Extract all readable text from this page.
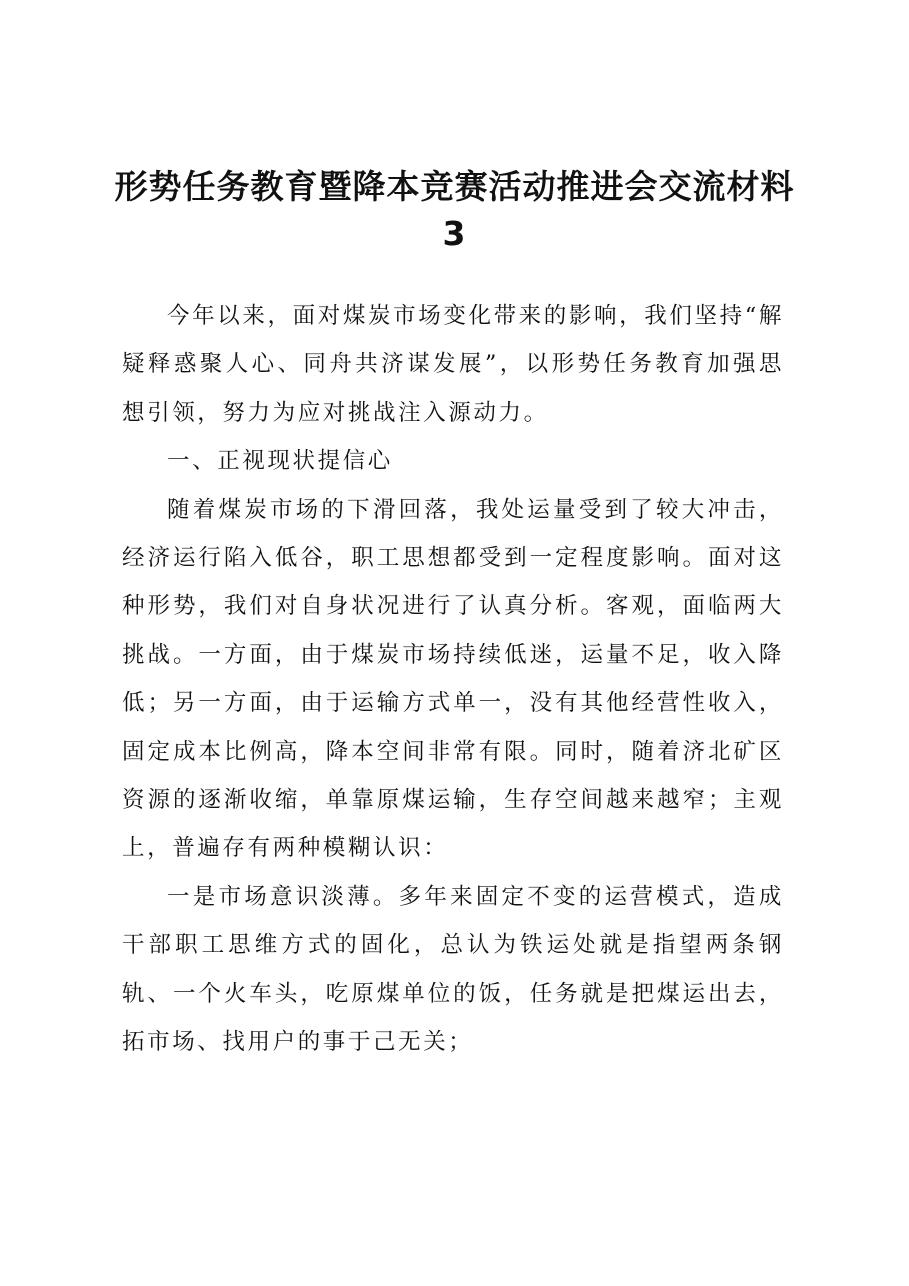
形势任务教育暨降本竞赛活动推进会交流材料
3

今年以来，面对煤炭市场变化带来的影响，我们坚持“解疑释惑聚人心、同舟共济谋发展”，以形势任务教育加强思想引领，努力为应对挑战注入源动力。

一、正视现状提信心

随着煤炭市场的下滑回落，我处运量受到了较大冲击，经济运行陷入低谷，职工思想都受到一定程度影响。面对这种形势，我们对自身状况进行了认真分析。客观，面临两大挑战。一方面，由于煤炭市场持续低迷，运量不足，收入降低；另一方面，由于运输方式单一，没有其他经营性收入，固定成本比例高，降本空间非常有限。同时，随着济北矿区资源的逐渐收缩，单靠原煤运输，生存空间越来越窄；主观上，普遍存有两种模糊认识：

一是市场意识淡薄。多年来固定不变的运营模式，造成干部职工思维方式的固化，总认为铁运处就是指望两条钢轨、一个火车头，吃原煤单位的饭，任务就是把煤运出去，拓市场、找用户的事于己无关；
